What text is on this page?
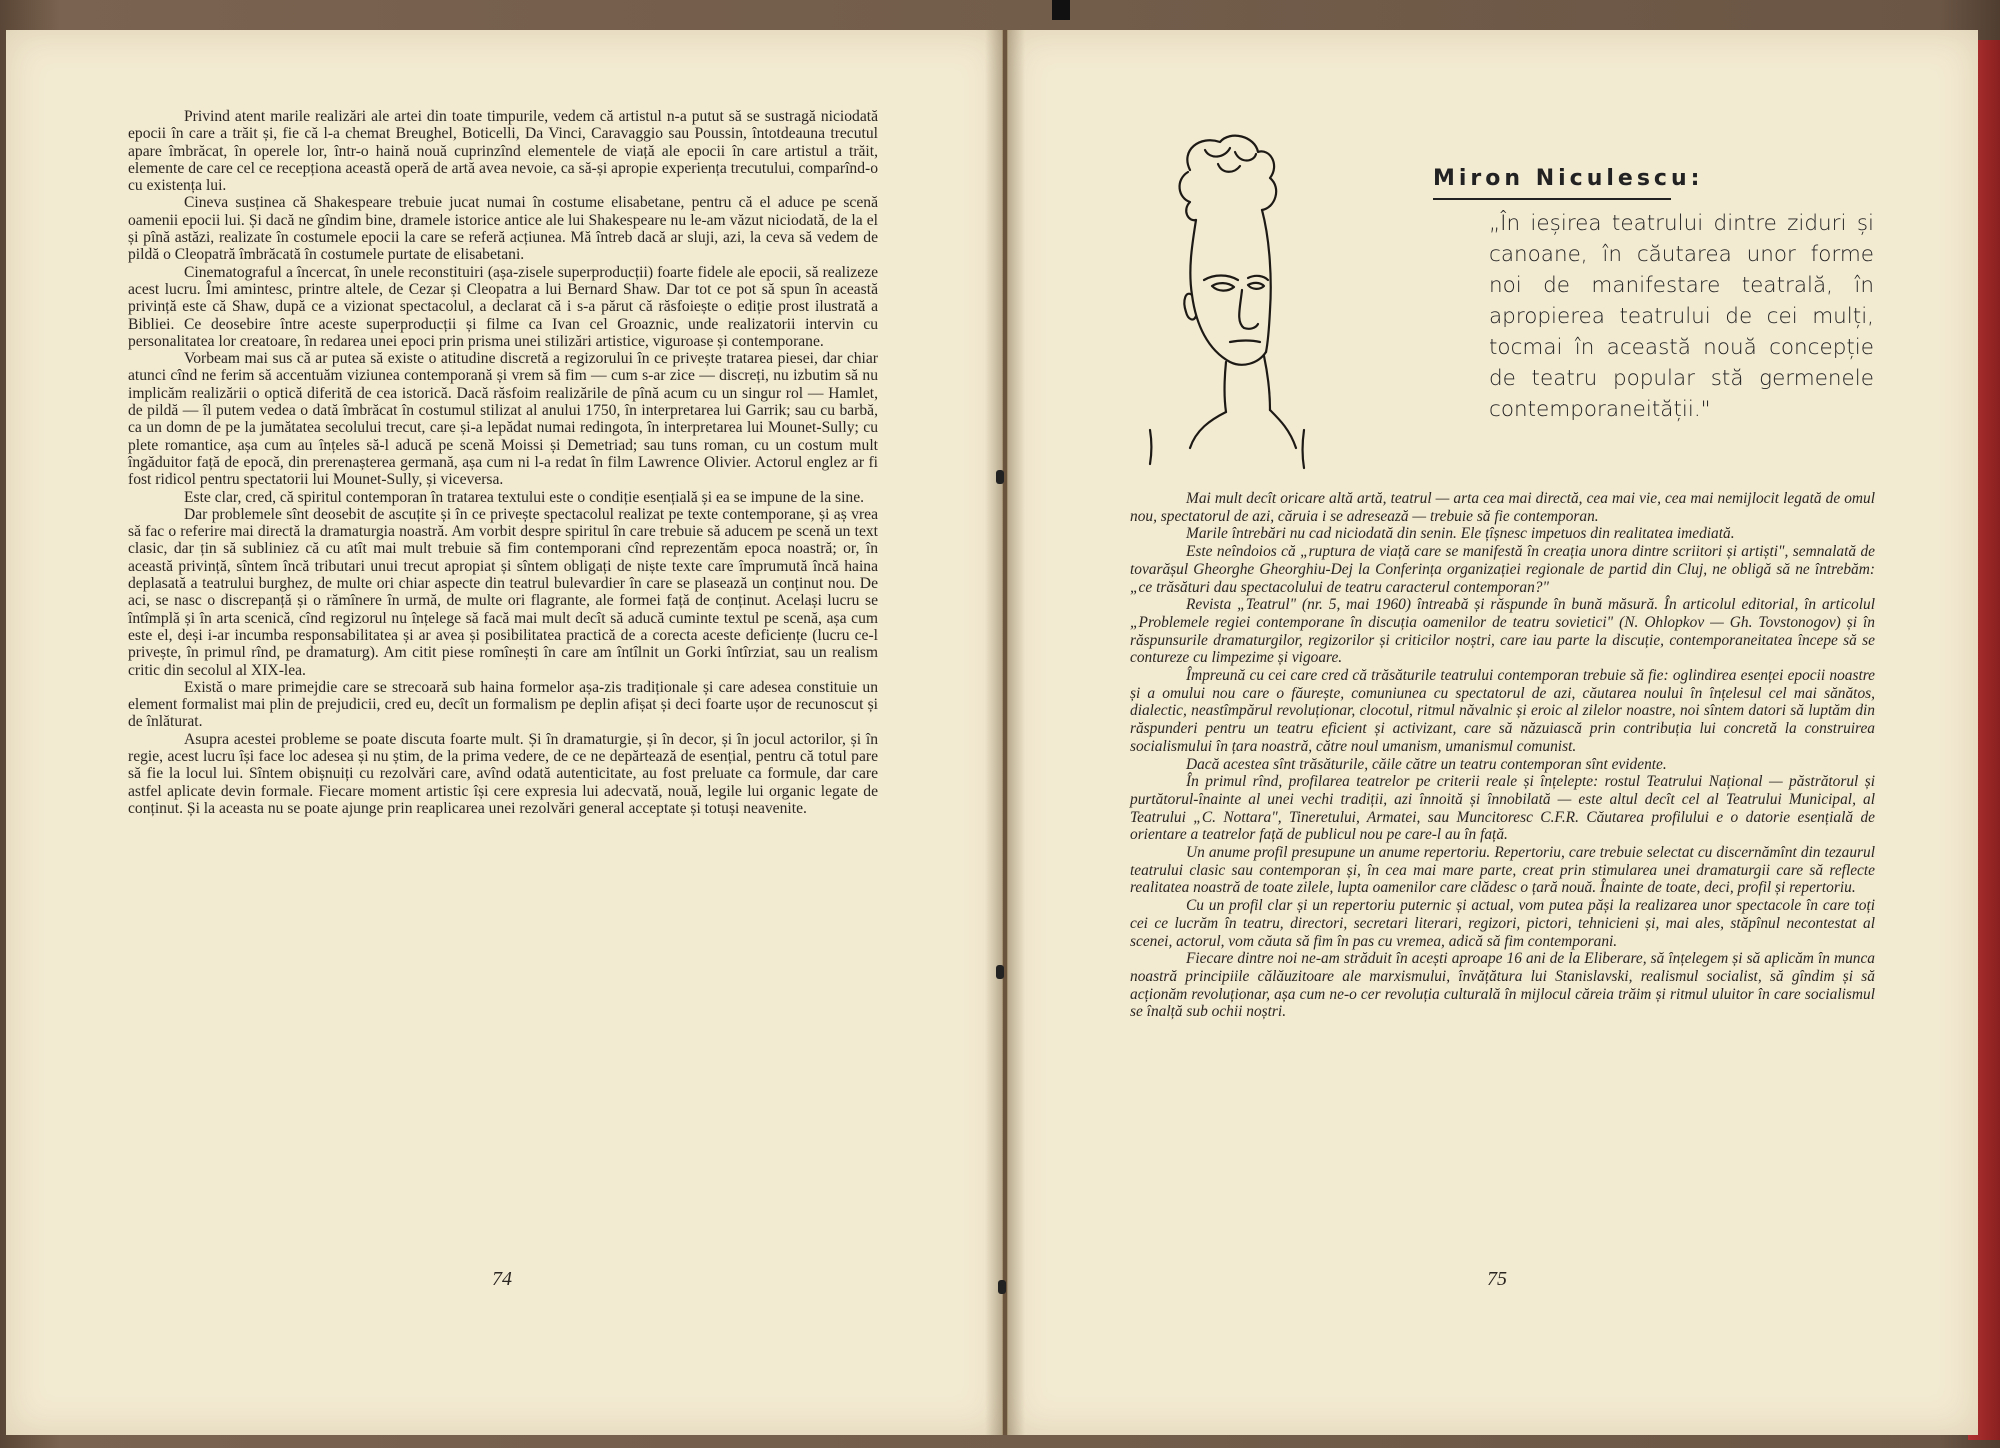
Privind atent marile realizări ale artei din toate timpurile, vedem că artistul n-a putut să se sustragă niciodată epocii în care a trăit și, fie că l-a chemat Breughel, Boticelli, Da Vinci, Caravaggio sau Poussin, întotdeauna trecutul apare îmbrăcat, în operele lor, într-o haină nouă cuprinzînd elementele de viață ale epocii în care artistul a trăit, elemente de care cel ce recepționa această operă de artă avea nevoie, ca să-și apropie experiența trecutului, comparînd-o cu existența lui.

Cineva susținea că Shakespeare trebuie jucat numai în costume elisabetane, pentru că el aduce pe scenă oamenii epocii lui. Și dacă ne gîndim bine, dramele istorice antice ale lui Shakespeare nu le-am văzut niciodată, de la el și pînă astăzi, realizate în costumele epocii la care se referă acțiunea. Mă întreb dacă ar sluji, azi, la ceva să vedem de pildă o Cleopatră îmbrăcată în costumele purtate de elisabetani.

Cinematograful a încercat, în unele reconstituiri (așa-zisele superproducții) foarte fidele ale epocii, să realizeze acest lucru. Îmi amintesc, printre altele, de Cezar și Cleopatra a lui Bernard Shaw. Dar tot ce pot să spun în această privință este că Shaw, după ce a vizionat spectacolul, a declarat că i s-a părut că răsfoiește o ediție prost ilustrată a Bibliei. Ce deosebire între aceste superproducții și filme ca Ivan cel Groaznic, unde realizatorii intervin cu personalitatea lor creatoare, în redarea unei epoci prin prisma unei stilizări artistice, viguroase și contemporane.

Vorbeam mai sus că ar putea să existe o atitudine discretă a regizorului în ce privește tratarea piesei, dar chiar atunci cînd ne ferim să accentuăm viziunea contemporană și vrem să fim — cum s-ar zice — discreți, nu izbutim să nu implicăm realizării o optică diferită de cea istorică. Dacă răsfoim realizările de pînă acum cu un singur rol — Hamlet, de pildă — îl putem vedea o dată îmbrăcat în costumul stilizat al anului 1750, în interpretarea lui Garrik; sau cu barbă, ca un domn de pe la jumătatea secolului trecut, care și-a lepădat numai redingota, în interpretarea lui Mounet-Sully; cu plete romantice, așa cum au înțeles să-l aducă pe scenă Moissi și Demetriad; sau tuns roman, cu un costum mult îngăduitor față de epocă, din prerenașterea germană, așa cum ni l-a redat în film Lawrence Olivier. Actorul englez ar fi fost ridicol pentru spectatorii lui Mounet-Sully, și viceversa.

Este clar, cred, că spiritul contemporan în tratarea textului este o condiție esențială și ea se impune de la sine.

Dar problemele sînt deosebit de ascuțite și în ce privește spectacolul realizat pe texte contemporane, și aș vrea să fac o referire mai directă la dramaturgia noastră. Am vorbit despre spiritul în care trebuie să aducem pe scenă un text clasic, dar țin să subliniez că cu atît mai mult trebuie să fim contemporani cînd reprezentăm epoca noastră; or, în această privință, sîntem încă tributari unui trecut apropiat și sîntem obligați de niște texte care împrumută încă haina deplasată a teatrului burghez, de multe ori chiar aspecte din teatrul bulevardier în care se plasează un conținut nou. De aci, se nasc o discrepanță și o rămînere în urmă, de multe ori flagrante, ale formei față de conținut. Același lucru se întîmplă și în arta scenică, cînd regizorul nu înțelege să facă mai mult decît să aducă cuminte textul pe scenă, așa cum este el, deși i-ar incumba responsabilitatea și ar avea și posibilitatea practică de a corecta aceste deficiențe (lucru ce-l privește, în primul rînd, pe dramaturg). Am citit piese romînești în care am întîlnit un Gorki întîrziat, sau un realism critic din secolul al XIX-lea.

Există o mare primejdie care se strecoară sub haina formelor așa-zis tradiționale și care adesea constituie un element formalist mai plin de prejudicii, cred eu, decît un formalism pe deplin afișat și deci foarte ușor de recunoscut și de înlăturat.

Asupra acestei probleme se poate discuta foarte mult. Și în dramaturgie, și în decor, și în jocul actorilor, și în regie, acest lucru își face loc adesea și nu știm, de la prima vedere, de ce ne depărtează de esențial, pentru că totul pare să fie la locul lui. Sîntem obișnuiți cu rezolvări care, avînd odată autenticitate, au fost preluate ca formule, dar care astfel aplicate devin formale. Fiecare moment artistic își cere expresia lui adecvată, nouă, legile lui organic legate de conținut. Și la aceasta nu se poate ajunge prin reaplicarea unei rezolvări general acceptate și totuși neavenite.

74
Miron Niculescu:
„În ieșirea teatrului dintre ziduri și canoane, în căutarea unor forme noi de manifestare teatrală, în apropierea teatrului de cei mulți, tocmai în această nouă concepție de teatru popular stă germenele contemporaneității."

Mai mult decît oricare altă artă, teatrul — arta cea mai directă, cea mai vie, cea mai nemijlocit legată de omul nou, spectatorul de azi, căruia i se adresează — trebuie să fie contemporan.

Marile întrebări nu cad niciodată din senin. Ele țîșnesc impetuos din realitatea imediată.

Este neîndoios că „ruptura de viață care se manifestă în creația unora dintre scriitori și artiști", semnalată de tovarășul Gheorghe Gheorghiu-Dej la Conferința organizației regionale de partid din Cluj, ne obligă să ne întrebăm: „ce trăsături dau spectacolului de teatru caracterul contemporan?"

Revista „Teatrul" (nr. 5, mai 1960) întreabă și răspunde în bună măsură. În articolul editorial, în articolul „Problemele regiei contemporane în discuția oamenilor de teatru sovietici" (N. Ohlopkov — Gh. Tovstonogov) și în răspunsurile dramaturgilor, regizorilor și criticilor noștri, care iau parte la discuție, contemporaneitatea începe să se contureze cu limpezime și vigoare.

Împreună cu cei care cred că trăsăturile teatrului contemporan trebuie să fie: oglindirea esenței epocii noastre și a omului nou care o făurește, comuniunea cu spectatorul de azi, căutarea noului în înțelesul cel mai sănătos, dialectic, neastîmpărul revoluționar, clocotul, ritmul năvalnic și eroic al zilelor noastre, noi sîntem datori să luptăm din răspunderi pentru un teatru eficient și activizant, care să năzuiască prin contribuția lui concretă la construirea socialismului în țara noastră, către noul umanism, umanismul comunist.

Dacă acestea sînt trăsăturile, căile către un teatru contemporan sînt evidente.

În primul rînd, profilarea teatrelor pe criterii reale și înțelepte: rostul Teatrului Național — păstrătorul și purtătorul-înainte al unei vechi tradiții, azi înnoită și înnobilată — este altul decît cel al Teatrului Municipal, al Teatrului „C. Nottara", Tineretului, Armatei, sau Muncitoresc C.F.R. Căutarea profilului e o datorie esențială de orientare a teatrelor față de publicul nou pe care-l au în față.

Un anume profil presupune un anume repertoriu. Repertoriu, care trebuie selectat cu discernămînt din tezaurul teatrului clasic sau contemporan și, în cea mai mare parte, creat prin stimularea unei dramaturgii care să reflecte realitatea noastră de toate zilele, lupta oamenilor care clădesc o țară nouă. Înainte de toate, deci, profil și repertoriu.

Cu un profil clar și un repertoriu puternic și actual, vom putea păși la realizarea unor spectacole în care toți cei ce lucrăm în teatru, directori, secretari literari, regizori, pictori, tehnicieni și, mai ales, stăpînul necontestat al scenei, actorul, vom căuta să fim în pas cu vremea, adică să fim contemporani.

Fiecare dintre noi ne-am străduit în acești aproape 16 ani de la Eliberare, să înțelegem și să aplicăm în munca noastră principiile călăuzitoare ale marxismului, învățătura lui Stanislavski, realismul socialist, să gîndim și să acționăm revoluționar, așa cum ne-o cer revoluția culturală în mijlocul căreia trăim și ritmul uluitor în care socialismul se înalță sub ochii noștri.

75
